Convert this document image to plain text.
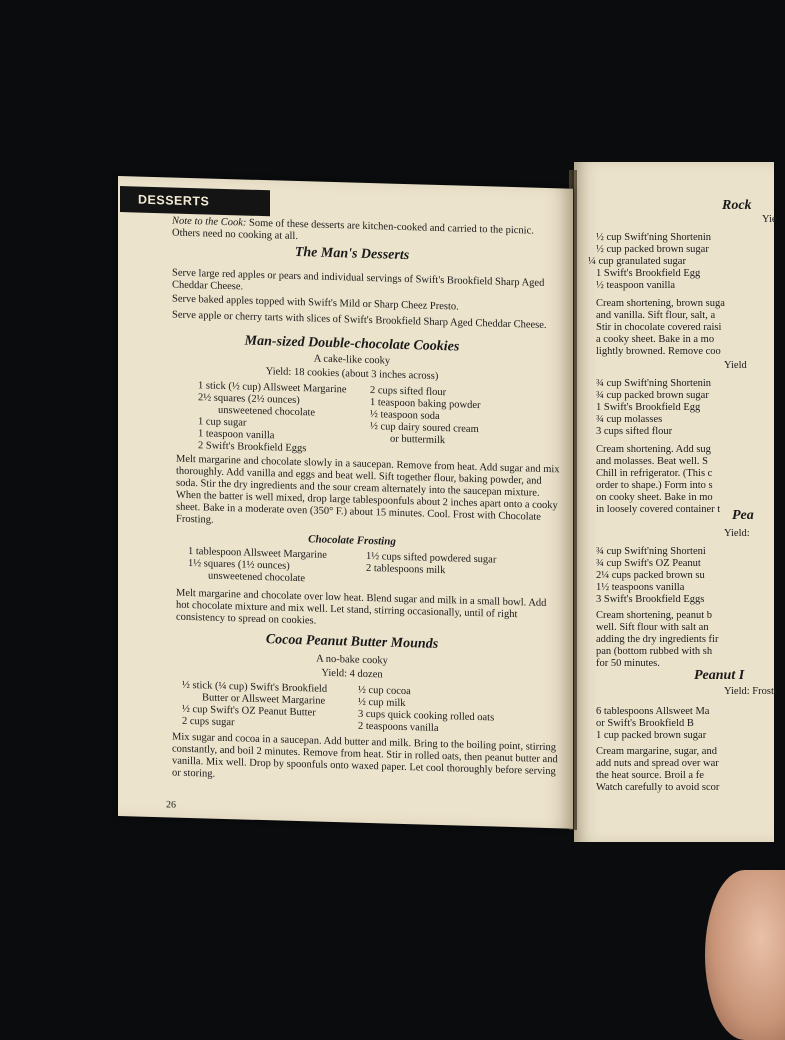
Rock
Yie
½ cup Swift'ning Shortenin
½ cup packed brown sugar
¼ cup granulated sugar
1 Swift's Brookfield Egg
½ teaspoon vanilla
Cream shortening, brown suga
and vanilla. Sift flour, salt, a
Stir in chocolate covered raisi
a cooky sheet. Bake in a mo
lightly browned. Remove coo
Yield
¾ cup Swift'ning Shortenin
¾ cup packed brown sugar
1 Swift's Brookfield Egg
¾ cup molasses
3 cups sifted flour
Cream shortening. Add sug
and molasses. Beat well. S
Chill in refrigerator. (This c
order to shape.) Form into s
on cooky sheet. Bake in mo
in loosely covered container t Pea
Yield:
¾ cup Swift'ning Shorteni
¾ cup Swift's OZ Peanut
2¼ cups packed brown su
1½ teaspoons vanilla
3 Swift's Brookfield Eggs
Cream shortening, peanut b
well. Sift flour with salt an
adding the dry ingredients fir
pan (bottom rubbed with sh
for 50 minutes.
Peanut I
Yield: Frosti
6 tablespoons Allsweet Ma
or Swift's Brookfield B
1 cup packed brown sugar
Cream margarine, sugar, and
add nuts and spread over war
the heat source. Broil a fe
Watch carefully to avoid scor
DESSERTS
Note to the Cook: Some of these desserts are kitchen-cooked and carried to the picnic. Others need no cooking at all.
The Man's Desserts
Serve large red apples or pears and individual servings of Swift's Brookfield Sharp Aged Cheddar Cheese.
Serve baked apples topped with Swift's Mild or Sharp Cheez Presto.
Serve apple or cherry tarts with slices of Swift's Brookfield Sharp Aged Cheddar Cheese.
Man-sized Double-chocolate Cookies
A cake-like cooky
Yield: 18 cookies (about 3 inches across)
1 stick (½ cup) Allsweet Margarine
2½ squares (2½ ounces)
unsweetened chocolate
1 cup sugar
1 teaspoon vanilla
2 Swift's Brookfield Eggs
2 cups sifted flour
1 teaspoon baking powder
½ teaspoon soda
½ cup dairy soured cream
or buttermilk
Melt margarine and chocolate slowly in a saucepan. Remove from heat. Add sugar and mix thoroughly. Add vanilla and eggs and beat well. Sift together flour, baking powder, and soda. Stir the dry ingredients and the sour cream alternately into the saucepan mixture. When the batter is well mixed, drop large tablespoonfuls about 2 inches apart onto a cooky sheet. Bake in a moderate oven (350° F.) about 15 minutes. Cool. Frost with Chocolate Frosting.
Chocolate Frosting
1 tablespoon Allsweet Margarine
1½ squares (1½ ounces)
unsweetened chocolate
1½ cups sifted powdered sugar
2 tablespoons milk
Melt margarine and chocolate over low heat. Blend sugar and milk in a small bowl. Add hot chocolate mixture and mix well. Let stand, stirring occasionally, until of right consistency to spread on cookies.
Cocoa Peanut Butter Mounds
A no-bake cooky
Yield: 4 dozen
½ stick (¼ cup) Swift's Brookfield
Butter or Allsweet Margarine
½ cup Swift's OZ Peanut Butter
2 cups sugar
½ cup cocoa
½ cup milk
3 cups quick cooking rolled oats
2 teaspoons vanilla
Mix sugar and cocoa in a saucepan. Add butter and milk. Bring to the boiling point, stirring constantly, and boil 2 minutes. Remove from heat. Stir in rolled oats, then peanut butter and vanilla. Mix well. Drop by spoonfuls onto waxed paper. Let cool thoroughly before serving or storing.
26
